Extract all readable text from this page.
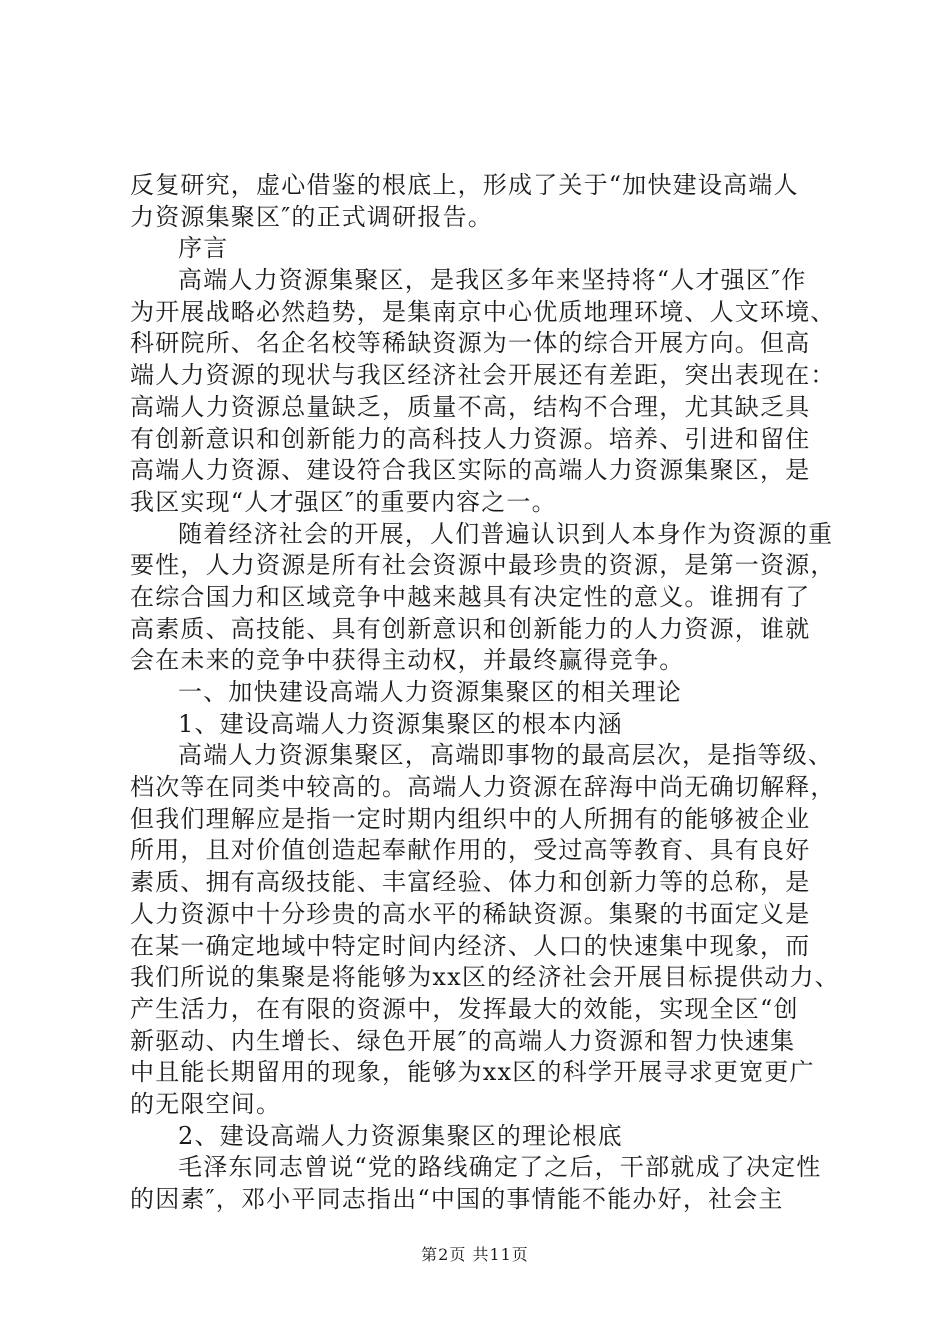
反复研究，虚心借鉴的根底上，形成了关于“加快建设高端人
力资源集聚区″的正式调研报告。
序言
高端人力资源集聚区，是我区多年来坚持将“人才强区″作
为开展战略必然趋势，是集南京中心优质地理环境、人文环境、
科研院所、名企名校等稀缺资源为一体的综合开展方向。但高
端人力资源的现状与我区经济社会开展还有差距，突出表现在：
高端人力资源总量缺乏，质量不高，结构不合理，尤其缺乏具
有创新意识和创新能力的高科技人力资源。培养、引进和留住
高端人力资源、建设符合我区实际的高端人力资源集聚区，是
我区实现“人才强区″的重要内容之一。
随着经济社会的开展，人们普遍认识到人本身作为资源的重
要性，人力资源是所有社会资源中最珍贵的资源，是第一资源，
在综合国力和区域竞争中越来越具有决定性的意义。谁拥有了
高素质、高技能、具有创新意识和创新能力的人力资源，谁就
会在未来的竞争中获得主动权，并最终赢得竞争。
一、加快建设高端人力资源集聚区的相关理论
1、建设高端人力资源集聚区的根本内涵
高端人力资源集聚区，高端即事物的最高层次，是指等级、
档次等在同类中较高的。高端人力资源在辞海中尚无确切解释，
但我们理解应是指一定时期内组织中的人所拥有的能够被企业
所用，且对价值创造起奉献作用的，受过高等教育、具有良好
素质、拥有高级技能、丰富经验、体力和创新力等的总称，是
人力资源中十分珍贵的高水平的稀缺资源。集聚的书面定义是
在某一确定地域中特定时间内经济、人口的快速集中现象，而
我们所说的集聚是将能够为xx区的经济社会开展目标提供动力、
产生活力，在有限的资源中，发挥最大的效能，实现全区“创
新驱动、内生增长、绿色开展″的高端人力资源和智力快速集
中且能长期留用的现象，能够为xx区的科学开展寻求更宽更广
的无限空间。
2、建设高端人力资源集聚区的理论根底
毛泽东同志曾说“党的路线确定了之后，干部就成了决定性
的因素″，邓小平同志指出“中国的事情能不能办好，社会主
第2页 共11页
